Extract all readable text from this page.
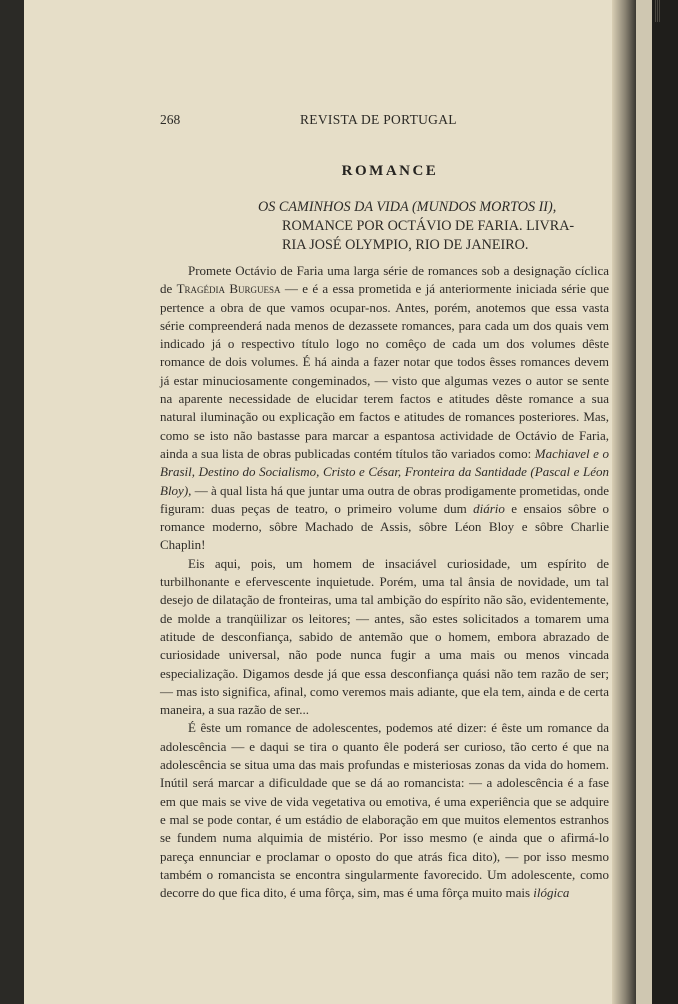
268	REVISTA DE PORTUGAL
ROMANCE
OS CAMINHOS DA VIDA (MUNDOS MORTOS II),
ROMANCE POR OCTÁVIO DE FARIA. LIVRA-
RIA JOSÉ OLYMPIO, RIO DE JANEIRO.

Promete Octávio de Faria uma larga série de romances sob a designação cíclica de Tragédia Burguesa — e é a essa prometida e já anteriormente iniciada série que pertence a obra de que vamos ocupar-nos. Antes, porém, anotemos que essa vasta série compreenderá nada menos de dezassete romances, para cada um dos quais vem indicado já o respectivo título logo no comêço de cada um dos volumes dêste romance de dois volumes. É há ainda a fazer notar que todos êsses romances devem já estar minuciosamente congeminados, — visto que algumas vezes o autor se sente na aparente necessidade de elucidar terem factos e atitudes dêste romance a sua natural iluminação ou explicação em factos e atitudes de romances posteriores. Mas, como se isto não bastasse para marcar a espantosa actividade de Octávio de Faria, ainda a sua lista de obras publicadas contém títulos tão variados como: Machiavel e o Brasil, Destino do Socialismo, Cristo e César, Fronteira da Santidade (Pascal e Léon Bloy), — à qual lista há que juntar uma outra de obras prodigamente prometidas, onde figuram: duas peças de teatro, o primeiro volume dum diário e ensaios sôbre o romance moderno, sôbre Machado de Assis, sôbre Léon Bloy e sôbre Charlie Chaplin!

Eis aqui, pois, um homem de insaciável curiosidade, um espírito de turbilhonante e efervescente inquietude. Porém, uma tal ânsia de novidade, um tal desejo de dilatação de fronteiras, uma tal ambição do espírito não são, evidentemente, de molde a tranqüilizar os leitores; — antes, são estes solicitados a tomarem uma atitude de desconfiança, sabido de antemão que o homem, embora abrazado de curiosidade universal, não pode nunca fugir a uma mais ou menos vincada especialização. Digamos desde já que essa desconfiança quási não tem razão de ser; — mas isto significa, afinal, como veremos mais adiante, que ela tem, ainda e de certa maneira, a sua razão de ser...

É êste um romance de adolescentes, podemos até dizer: é êste um romance da adolescência — e daqui se tira o quanto êle poderá ser curioso, tão certo é que na adolescência se situa uma das mais profundas e misteriosas zonas da vida do homem. Inútil será marcar a dificuldade que se dá ao romancista: — a adolescência é a fase em que mais se vive de vida vegetativa ou emotiva, é uma experiência que se adquire e mal se pode contar, é um estádio de elaboração em que muitos elementos estranhos se fundem numa alquimia de mistério. Por isso mesmo (e ainda que o afirmá-lo pareça ennunciar e proclamar o oposto do que atrás fica dito), — por isso mesmo também o romancista se encontra singularmente favorecido. Um adolescente, como decorre do que fica dito, é uma fôrça, sim, mas é uma fôrça muito mais ilógica
